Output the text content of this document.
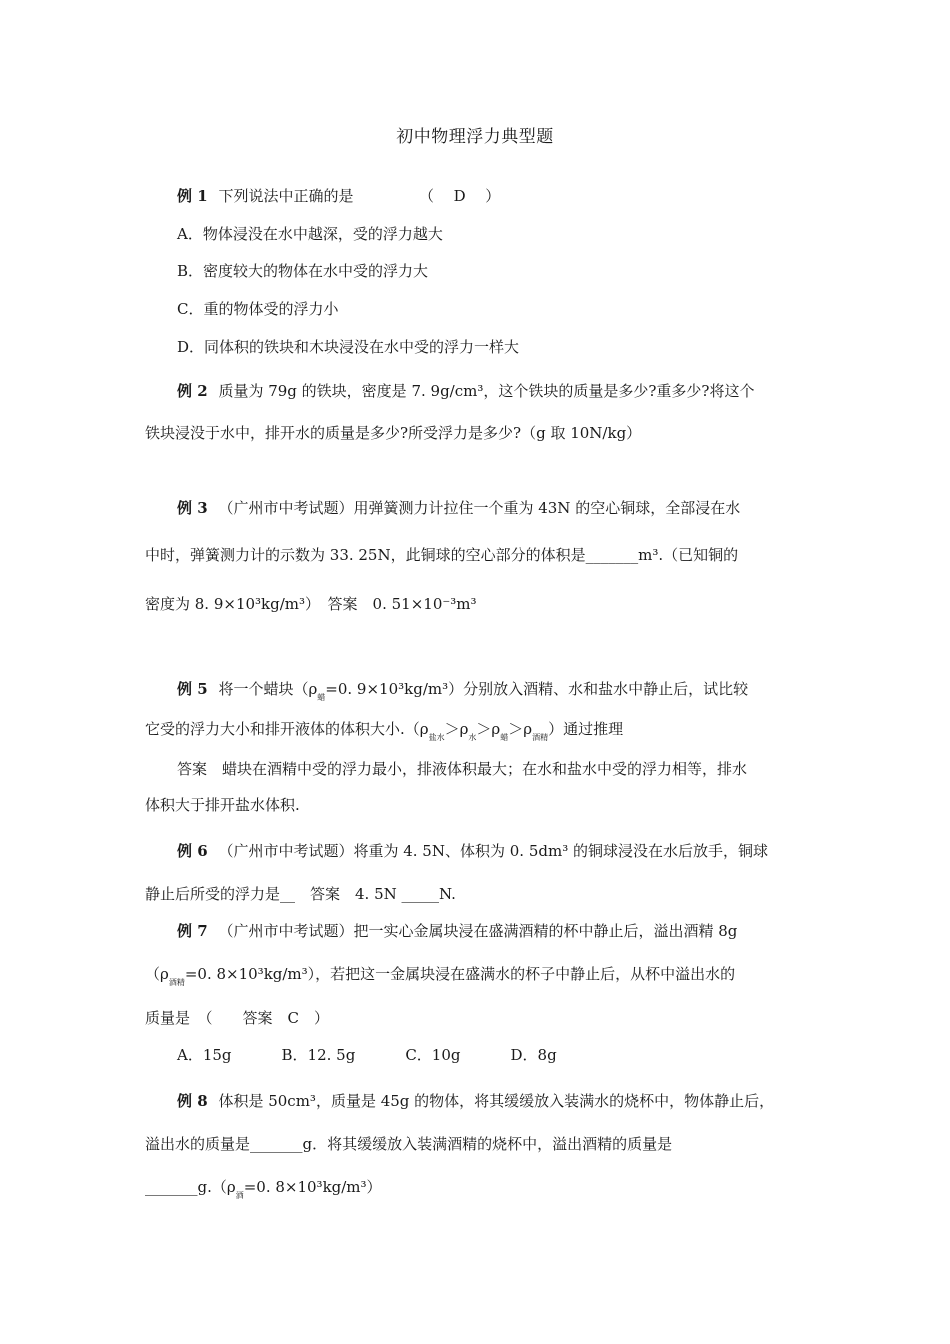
初中物理浮力典型题
例 1 下列说法中正确的是	（ D ）
A．物体浸没在水中越深，受的浮力越大
B．密度较大的物体在水中受的浮力大
C．重的物体受的浮力小
D．同体积的铁块和木块浸没在水中受的浮力一样大
例 2 质量为 79g 的铁块，密度是 7. 9g/cm³，这个铁块的质量是多少?重多少?将这个
铁块浸没于水中，排开水的质量是多少?所受浮力是多少?（g 取 10N/kg）
例 3 （广州市中考试题）用弹簧测力计拉住一个重为 43N 的空心铜球，全部浸在水
中时，弹簧测力计的示数为 33. 25N，此铜球的空心部分的体积是_______m³.（已知铜的
密度为 8. 9×10³kg/m³）　答案　0. 51×10⁻³m³
例 5 将一个蜡块（$\rho_蜡=0$. 9×10³kg/m³）分别放入酒精、水和盐水中静止后，试比较
它受的浮力大小和排开液体的体积大小$.(\rho_{盐水}>\rho_水>\rho_蜡>\rho_{酒精})$通过推理
答案　蜡块在酒精中受的浮力最小，排液体积最大；在水和盐水中受的浮力相等，排水
体积大于排开盐水体积.
例 6 （广州市中考试题）将重为 4. 5N、体积为 0. 5dm³ 的铜球浸没在水后放手，铜球
静止后所受的浮力是__　答案　4. 5N _____N.
例 7 （广州市中考试题）把一实心金属块浸在盛满酒精的杯中静止后，溢出酒精 8g
（$\rho_{酒精}=0$. 8×10³kg/m³），若把这一金属块浸在盛满水的杯子中静止后，从杯中溢出水的
质量是　（　　答案　C　）
A．15g	B．12. 5g	C．10g	D．8g
例 8 体积是 50cm³，质量是 45g 的物体，将其缓缓放入装满水的烧杯中，物体静止后，
溢出水的质量是_______g．将其缓缓放入装满酒精的烧杯中，溢出酒精的质量是
$\_\_\_\_\_\_\_g.(\rho_酒=0$. 8×10³kg/m³）
